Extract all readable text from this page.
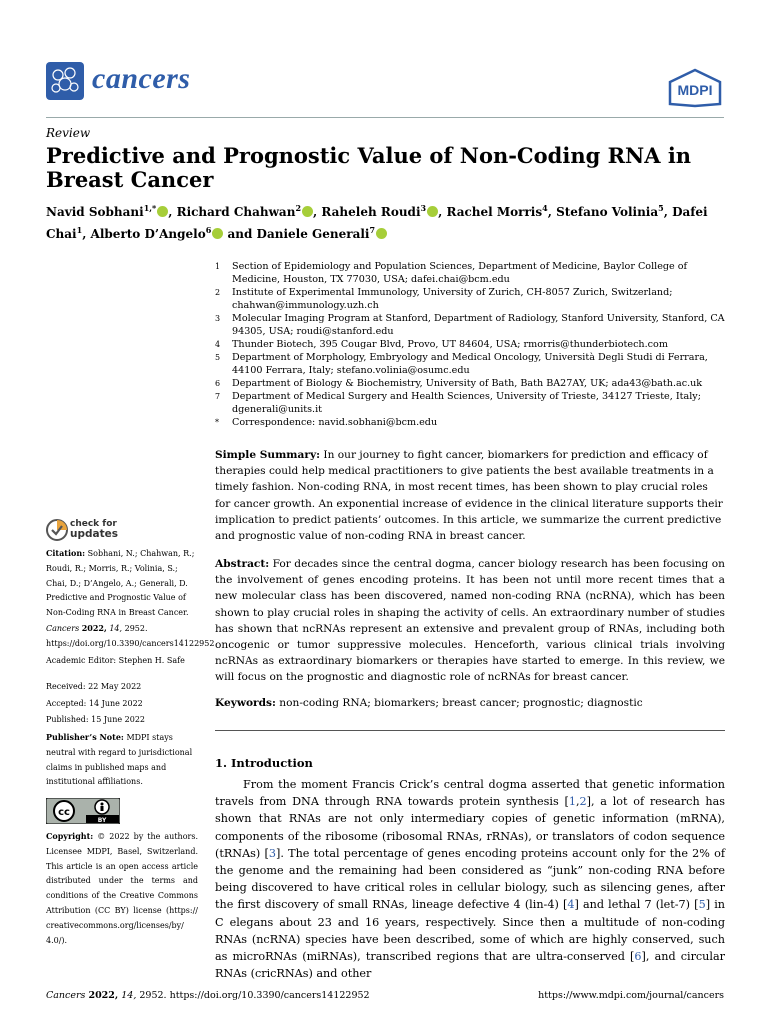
cancers	MDPI
Review
Predictive and Prognostic Value of Non-Coding RNA in Breast Cancer
Navid Sobhani$^{1,*}$ , Richard Chahwan$^2$ , Raheleh Roudi$^3$ , Rachel Morris$^4$, Stefano Volinia$^5$, Dafei Chai$^1$, Alberto D’Angelo$^6$ and Daniele Generali$^7$
1	Section of Epidemiology and Population Sciences, Department of Medicine, Baylor College of Medicine, Houston, TX 77030, USA; dafei.chai@bcm.edu
2	Institute of Experimental Immunology, University of Zurich, CH-8057 Zurich, Switzerland; chahwan@immunology.uzh.ch
3	Molecular Imaging Program at Stanford, Department of Radiology, Stanford University, Stanford, CA 94305, USA; roudi@stanford.edu
4	Thunder Biotech, 395 Cougar Blvd, Provo, UT 84604, USA; rmorris@thunderbiotech.com
5	Department of Morphology, Embryology and Medical Oncology, Università Degli Studi di Ferrara, 44100 Ferrara, Italy; stefano.volinia@osumc.edu
6	Department of Biology & Biochemistry, University of Bath, Bath BA27AY, UK; ada43@bath.ac.uk
7	Department of Medical Surgery and Health Sciences, University of Trieste, 34127 Trieste, Italy; dgenerali@units.it
*	Correspondence: navid.sobhani@bcm.edu
Simple Summary: In our journey to fight cancer, biomarkers for prediction and efficacy of therapies could help medical practitioners to give patients the best available treatments in a timely fashion. Non-coding RNA, in most recent times, has been shown to play crucial roles for cancer growth. An exponential increase of evidence in the clinical literature supports their implication to predict patients’ outcomes. In this article, we summarize the current predictive and prognostic value of non-coding RNA in breast cancer.
check for
updates
Citation: Sobhani, N.; Chahwan, R.; Roudi, R.; Morris, R.; Volinia, S.; Chai, D.; D’Angelo, A.; Generali, D. Predictive and Prognostic Value of Non-Coding RNA in Breast Cancer. Cancers 2022, 14, 2952. https://doi.org/10.3390/cancers14122952
Academic Editor: Stephen H. Safe
Received: 22 May 2022
Accepted: 14 June 2022
Published: 15 June 2022
Publisher’s Note: MDPI stays neutral with regard to jurisdictional claims in published maps and institutional affiliations.
cc
BY
Copyright: © 2022 by the authors. Licensee MDPI, Basel, Switzerland. This article is an open access article distributed under the terms and conditions of the Creative Commons Attribution (CC BY) license (https:// creativecommons.org/licenses/by/ 4.0/).
Abstract: For decades since the central dogma, cancer biology research has been focusing on the involvement of genes encoding proteins. It has been not until more recent times that a new molecular class has been discovered, named non-coding RNA (ncRNA), which has been shown to play crucial roles in shaping the activity of cells. An extraordinary number of studies has shown that ncRNAs represent an extensive and prevalent group of RNAs, including both oncogenic or tumor suppressive molecules. Henceforth, various clinical trials involving ncRNAs as extraordinary biomarkers or therapies have started to emerge. In this review, we will focus on the prognostic and diagnostic role of ncRNAs for breast cancer.
Keywords: non-coding RNA; biomarkers; breast cancer; prognostic; diagnostic
1. Introduction
From the moment Francis Crick’s central dogma asserted that genetic information travels from DNA through RNA towards protein synthesis [1,2], a lot of research has shown that RNAs are not only intermediary copies of genetic information (mRNA), components of the ribosome (ribosomal RNAs, rRNAs), or translators of codon sequence (tRNAs) [3]. The total percentage of genes encoding proteins account only for the 2% of the genome and the remaining had been considered as “junk” non-coding RNA before being discovered to have critical roles in cellular biology, such as silencing genes, after the first discovery of small RNAs, lineage defective 4 (lin-4) [4] and lethal 7 (let-7) [5] in C elegans about 23 and 16 years, respectively. Since then a multitude of non-coding RNAs (ncRNA) species have been described, some of which are highly conserved, such as microRNAs (miRNAs), transcribed regions that are ultra-conserved [6], and circular RNAs (cricRNAs) and other
Cancers 2022, 14, 2952. https://doi.org/10.3390/cancers14122952	https://www.mdpi.com/journal/cancers
